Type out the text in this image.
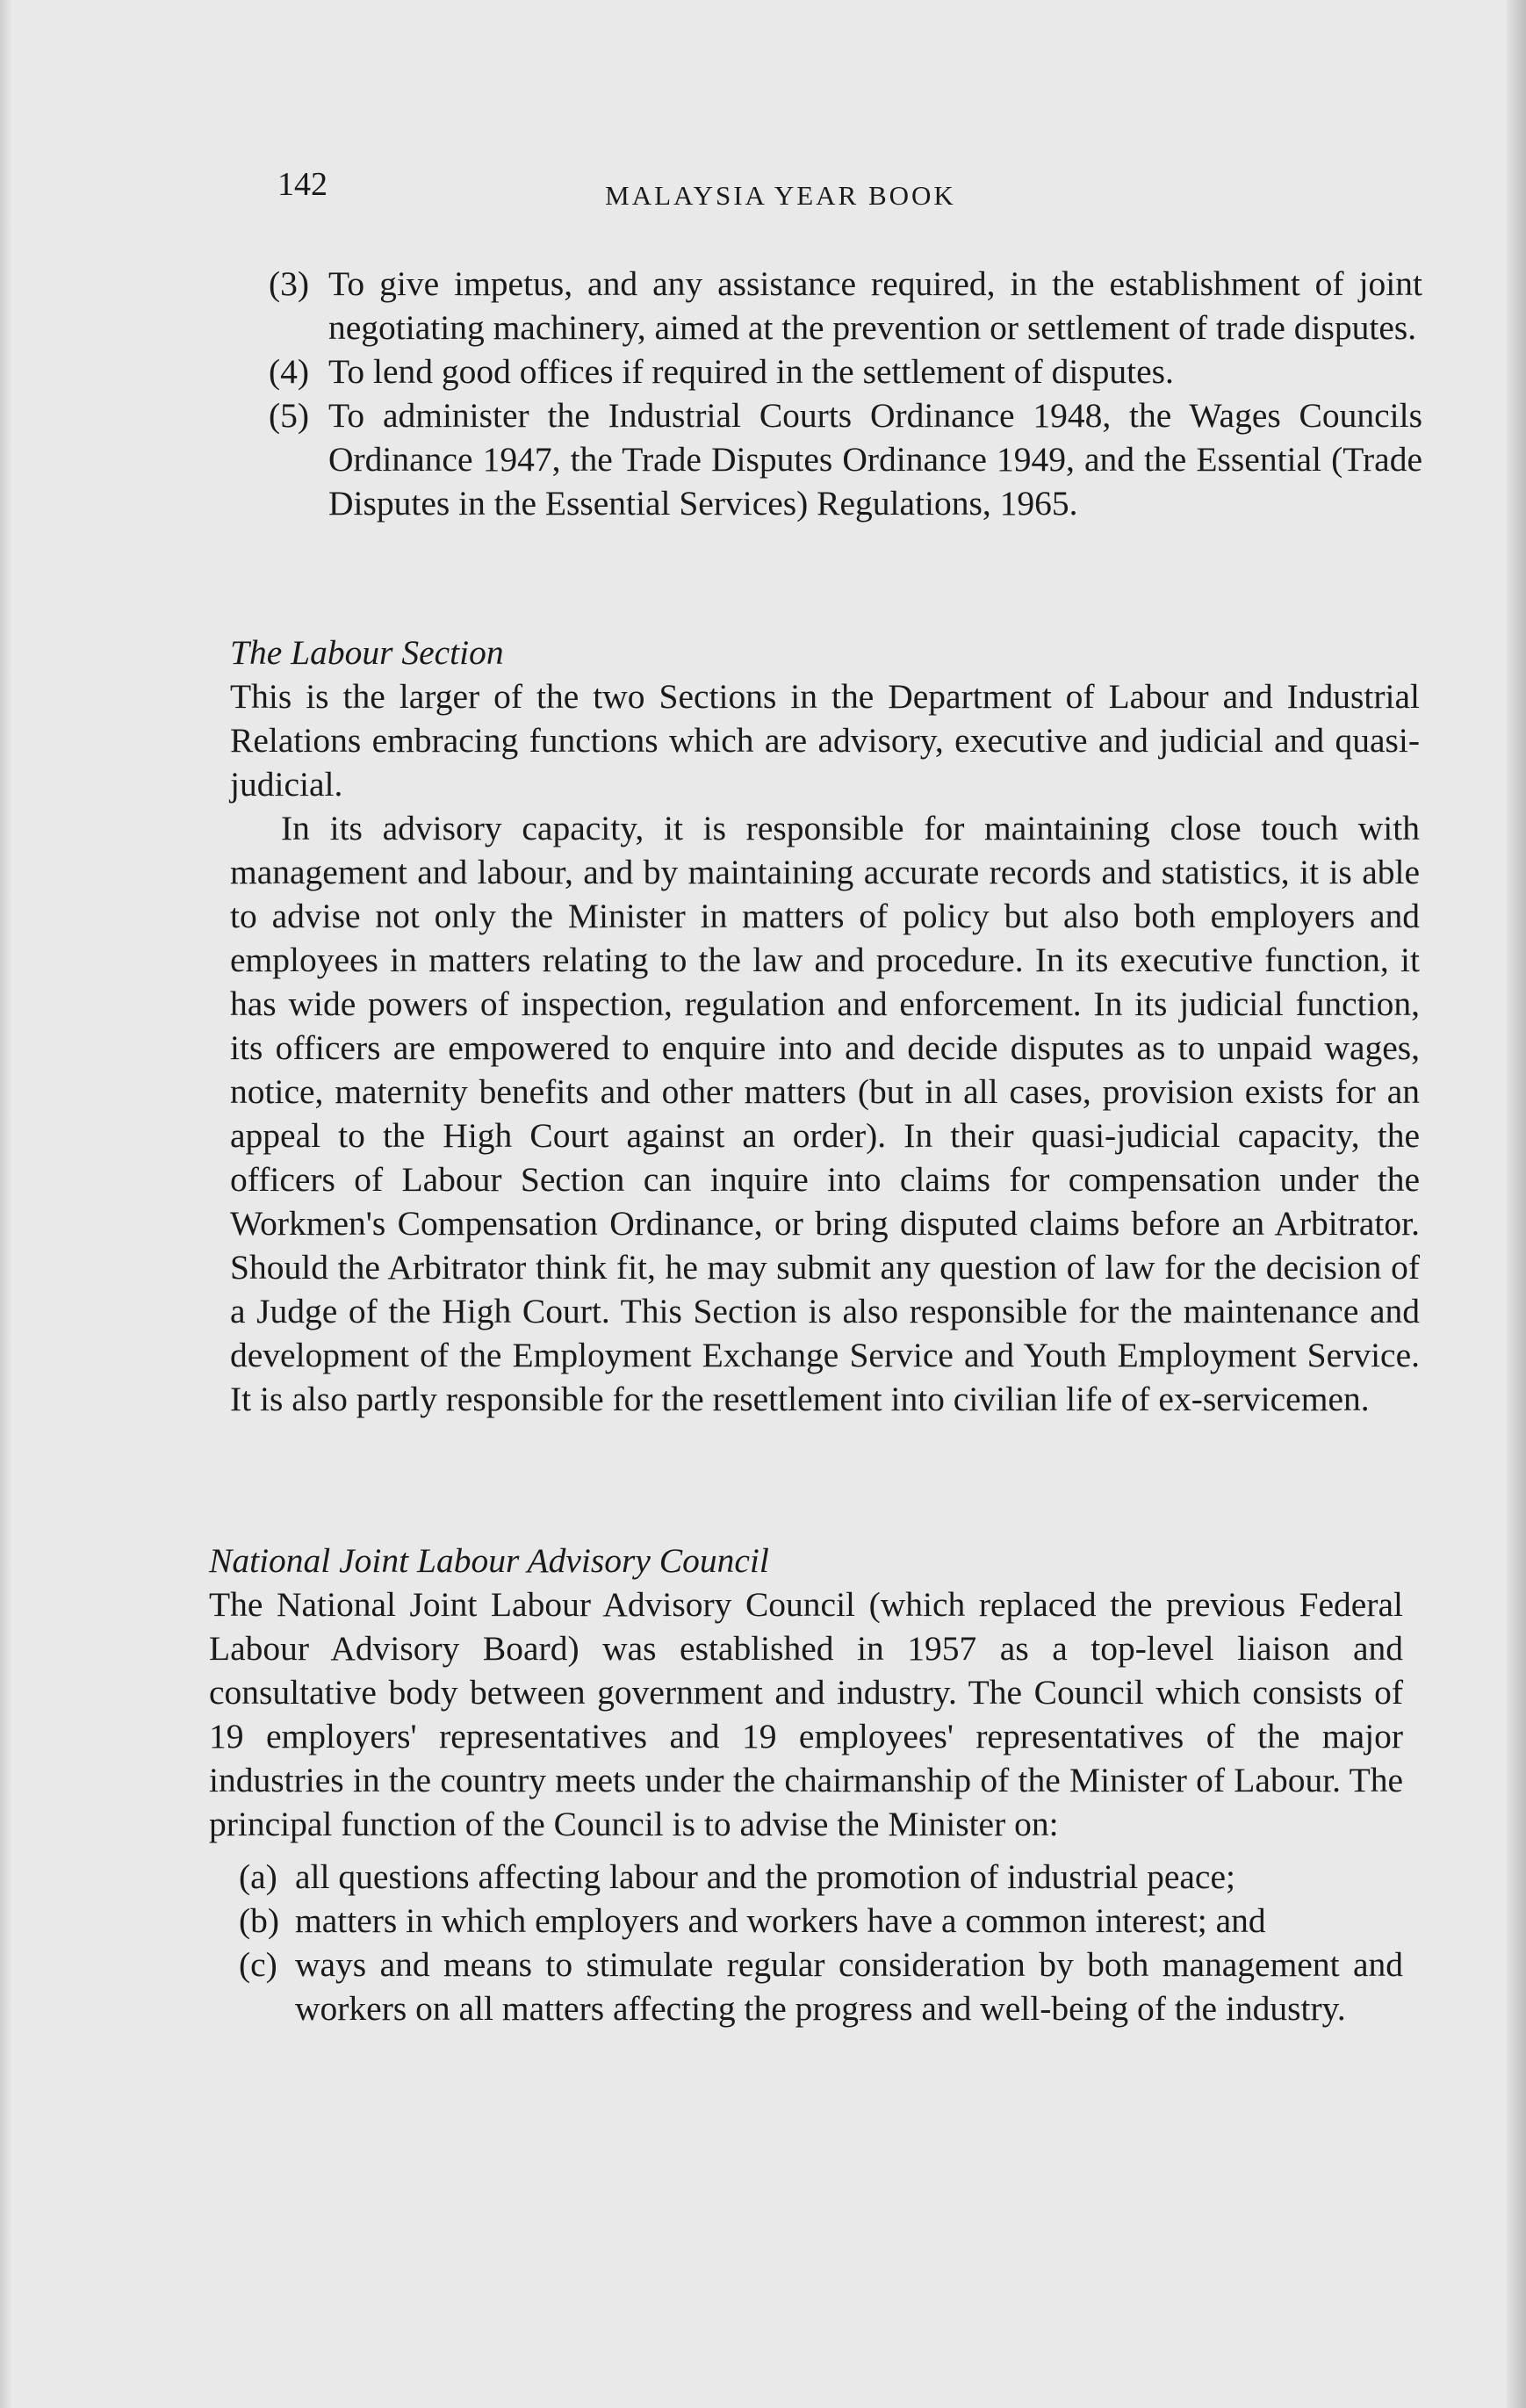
142	MALAYSIA YEAR BOOK
(3) To give impetus, and any assistance required, in the establishment of joint negotiating machinery, aimed at the prevention or settlement of trade disputes.
(4) To lend good offices if required in the settlement of disputes.
(5) To administer the Industrial Courts Ordinance 1948, the Wages Councils Ordinance 1947, the Trade Disputes Ordinance 1949, and the Essential (Trade Disputes in the Essential Services) Regulations, 1965.

The Labour Section

This is the larger of the two Sections in the Department of Labour and Industrial Relations embracing functions which are advisory, executive and judicial and quasi-judicial.

In its advisory capacity, it is responsible for maintaining close touch with management and labour, and by maintaining accurate records and statistics, it is able to advise not only the Minister in matters of policy but also both employers and employees in matters relating to the law and procedure. In its executive function, it has wide powers of inspection, regulation and enforcement. In its judicial function, its officers are empowered to enquire into and decide disputes as to unpaid wages, notice, maternity benefits and other matters (but in all cases, provision exists for an appeal to the High Court against an order). In their quasi-judicial capacity, the officers of Labour Section can inquire into claims for compensation under the Workmen's Compensation Ordinance, or bring disputed claims before an Arbitrator. Should the Arbitrator think fit, he may submit any question of law for the decision of a Judge of the High Court. This Section is also responsible for the maintenance and development of the Employment Exchange Service and Youth Employment Service. It is also partly responsible for the resettlement into civilian life of ex-servicemen.

National Joint Labour Advisory Council

The National Joint Labour Advisory Council (which replaced the previous Federal Labour Advisory Board) was established in 1957 as a top-level liaison and consultative body between government and industry. The Council which consists of 19 employers' representatives and 19 employees' representatives of the major industries in the country meets under the chairmanship of the Minister of Labour. The principal function of the Council is to advise the Minister on:

(a) all questions affecting labour and the promotion of industrial peace;
(b) matters in which employers and workers have a common interest; and
(c) ways and means to stimulate regular consideration by both management and workers on all matters affecting the progress and well-being of the industry.
